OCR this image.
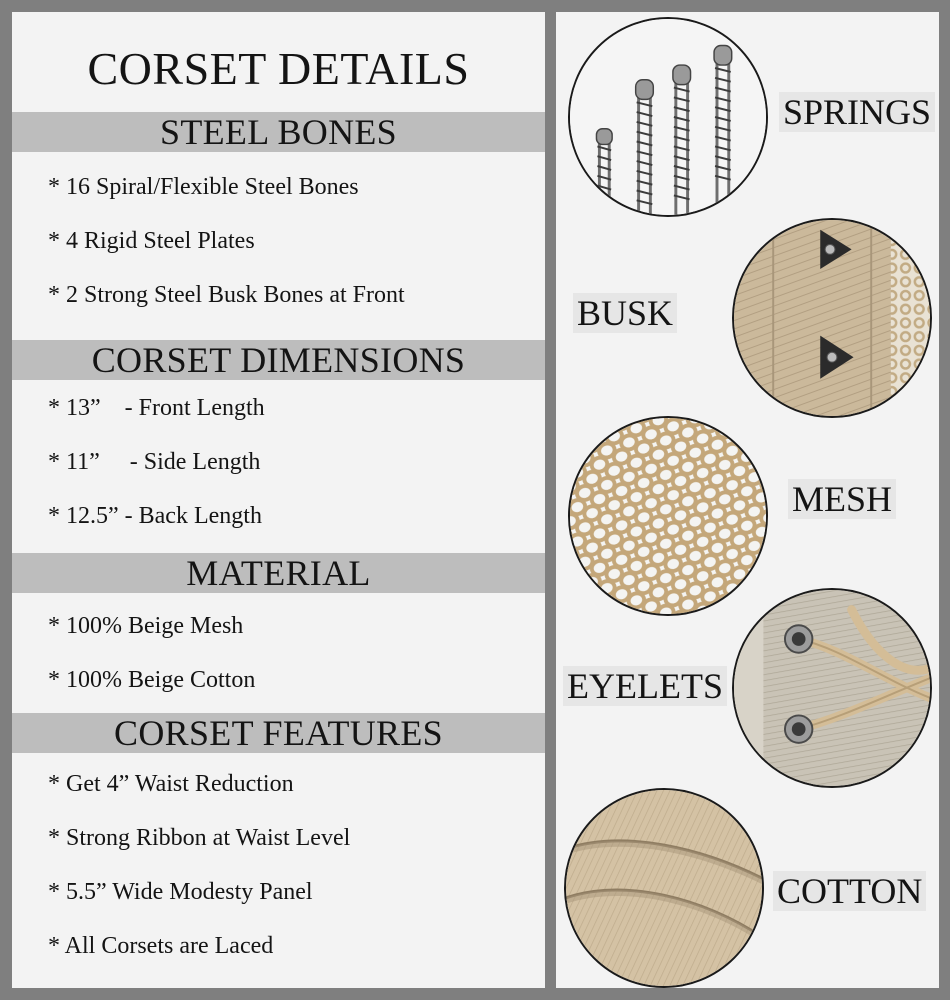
CORSET DETAILS
STEEL BONES
* 16 Spiral/Flexible Steel Bones
* 4 Rigid Steel Plates
* 2 Strong Steel Busk Bones at Front
CORSET DIMENSIONS
* 13”    - Front Length
* 11”     - Side Length
* 12.5” - Back Length
MATERIAL
* 100% Beige Mesh
* 100% Beige Cotton
CORSET FEATURES
* Get 4” Waist Reduction
* Strong Ribbon at Waist Level
* 5.5” Wide Modesty Panel
* All Corsets are Laced
SPRINGS
BUSK
MESH
EYELETS
COTTON
